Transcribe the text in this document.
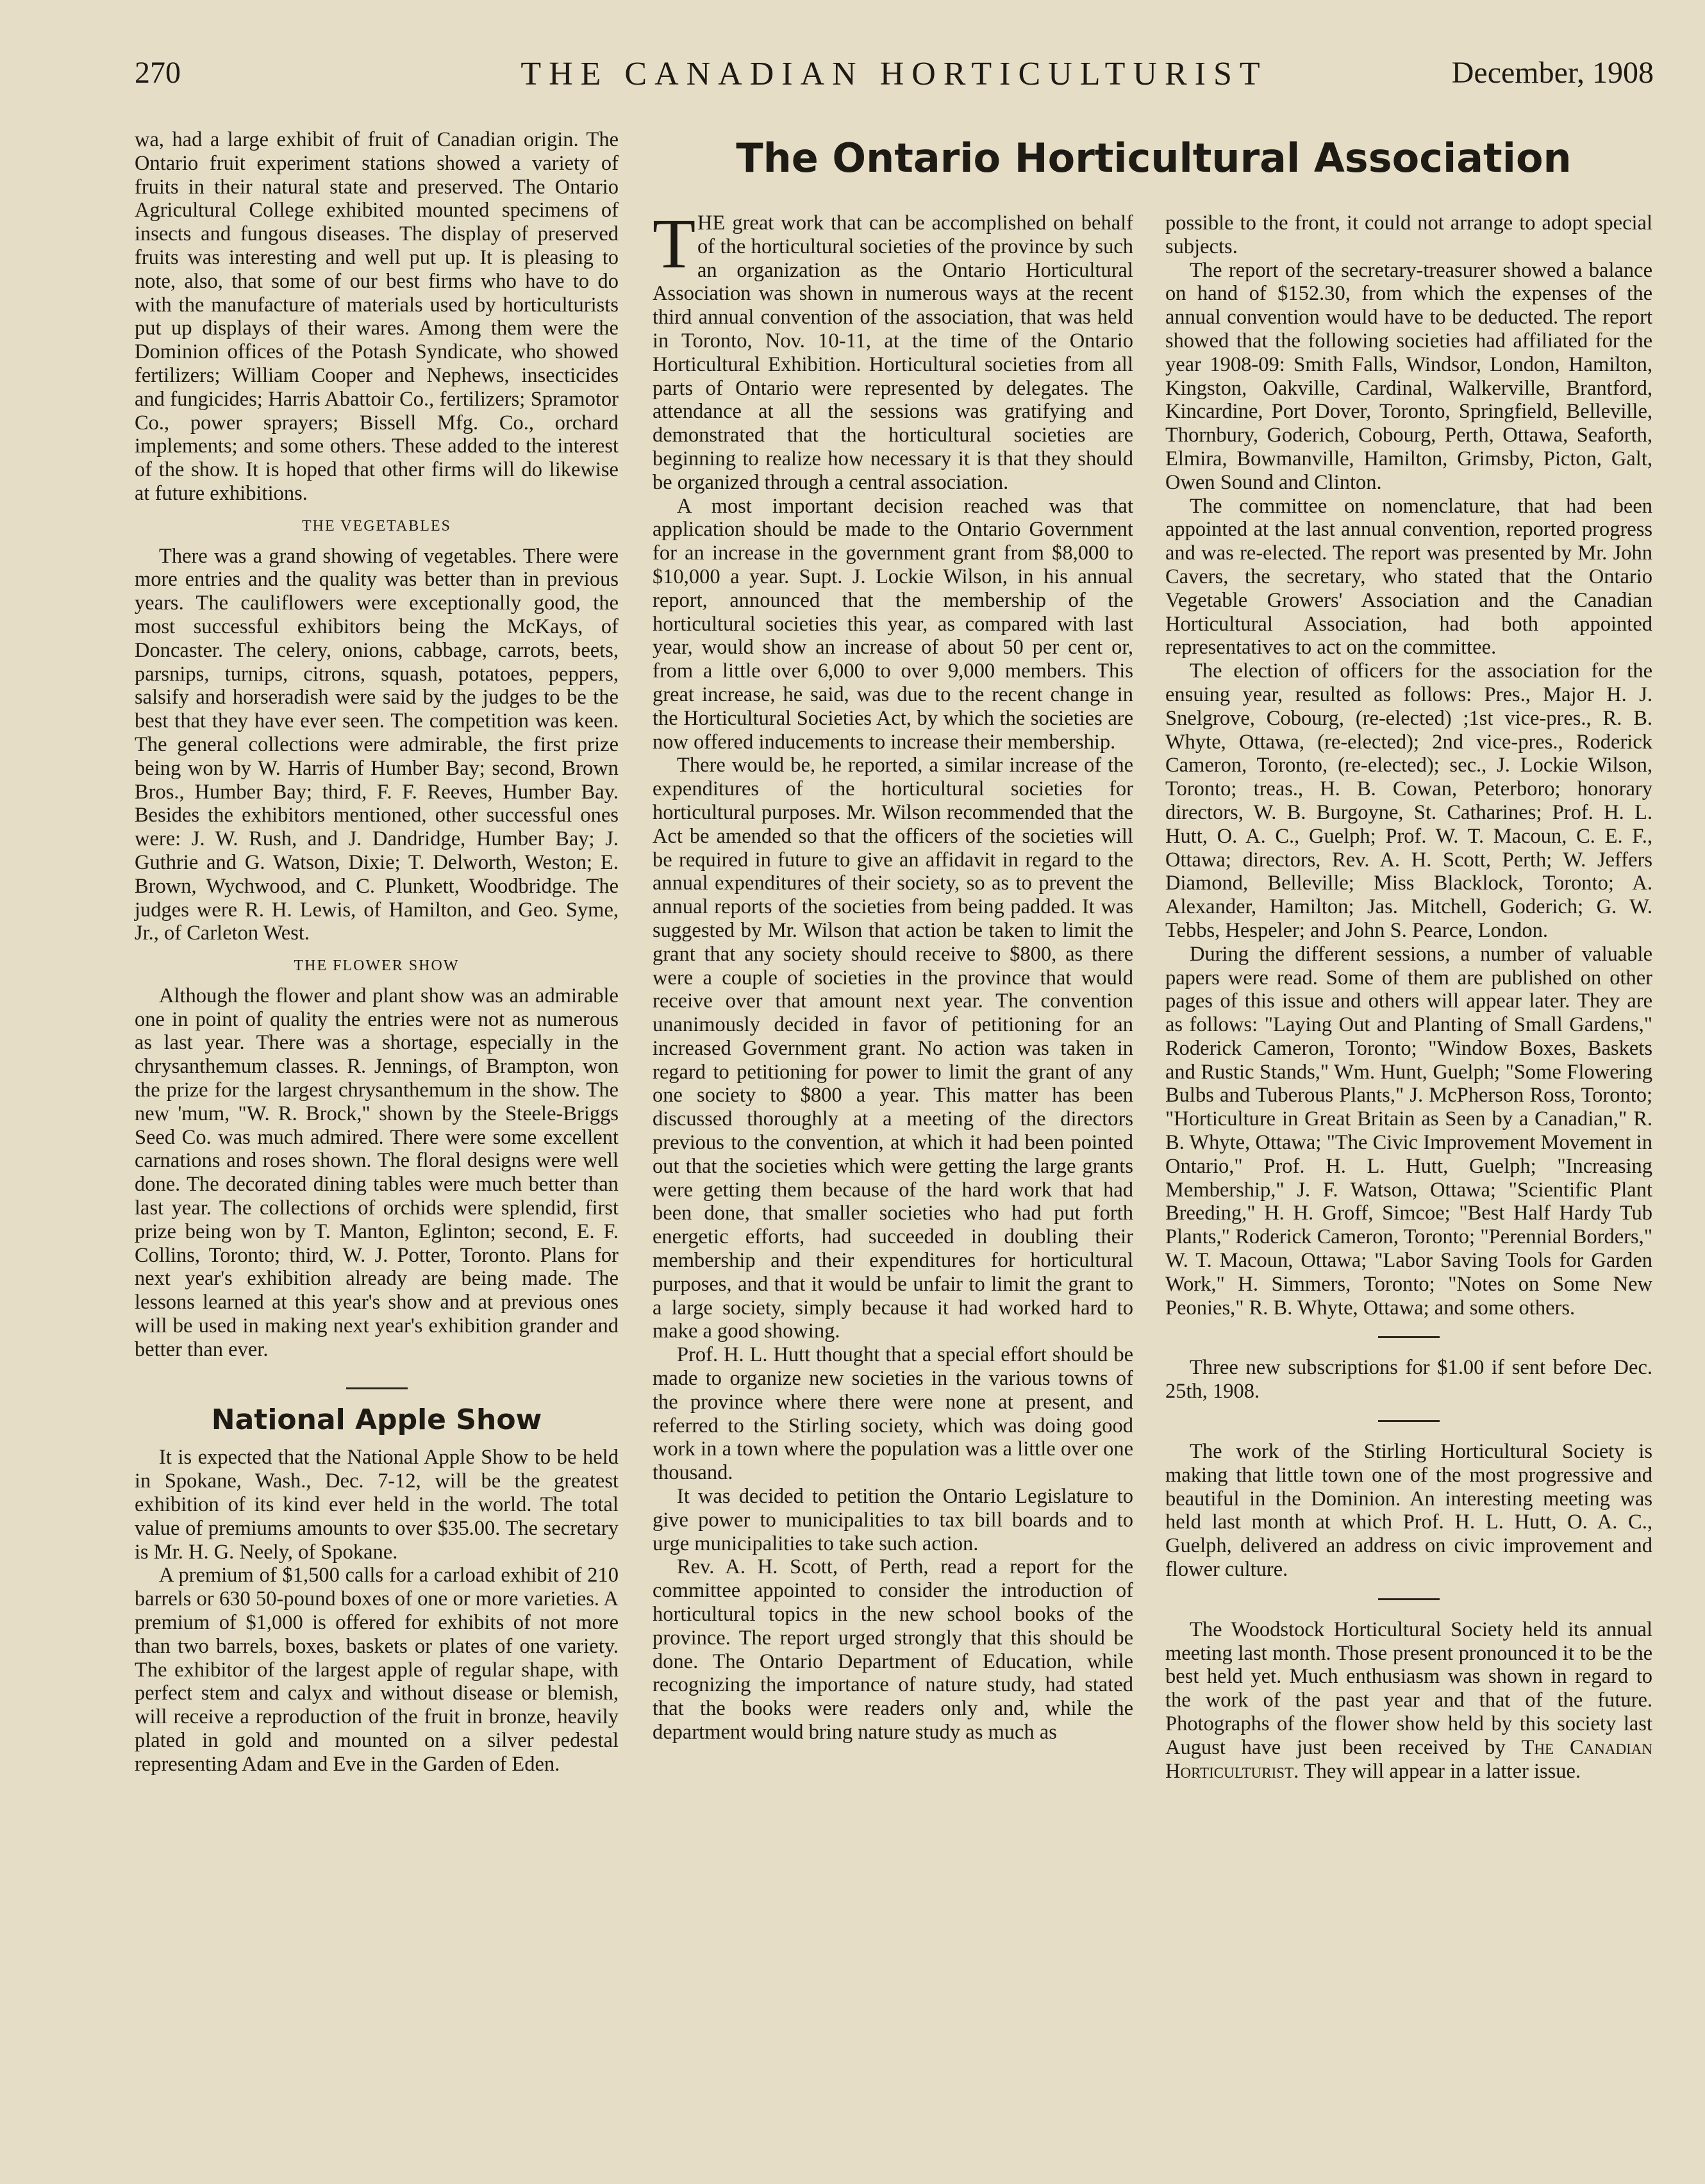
270	THE CANADIAN HORTICULTURIST	December, 1908
The Ontario Horticultural Association

wa, had a large exhibit of fruit of Canadian origin. The Ontario fruit experiment stations showed a variety of fruits in their natural state and preserved. The Ontario Agricultural College exhibited mounted specimens of insects and fungous diseases. The display of preserved fruits was interesting and well put up. It is pleasing to note, also, that some of our best firms who have to do with the manufacture of materials used by horticulturists put up displays of their wares. Among them were the Dominion offices of the Potash Syndicate, who showed fertilizers; William Cooper and Nephews, insecticides and fungicides; Harris Abattoir Co., fertilizers; Spramotor Co., power sprayers; Bissell Mfg. Co., orchard implements; and some others. These added to the interest of the show. It is hoped that other firms will do likewise at future exhibitions.

THE VEGETABLES

There was a grand showing of vegetables. There were more entries and the quality was better than in previous years. The cauliflowers were exceptionally good, the most successful exhibitors being the McKays, of Doncaster. The celery, onions, cabbage, carrots, beets, parsnips, turnips, citrons, squash, potatoes, peppers, salsify and horseradish were said by the judges to be the best that they have ever seen. The competition was keen. The general collections were admirable, the first prize being won by W. Harris of Humber Bay; second, Brown Bros., Humber Bay; third, F. F. Reeves, Humber Bay. Besides the exhibitors mentioned, other successful ones were: J. W. Rush, and J. Dandridge, Humber Bay; J. Guthrie and G. Watson, Dixie; T. Delworth, Weston; E. Brown, Wychwood, and C. Plunkett, Woodbridge. The judges were R. H. Lewis, of Hamilton, and Geo. Syme, Jr., of Carleton West.

THE FLOWER SHOW

Although the flower and plant show was an admirable one in point of quality the entries were not as numerous as last year. There was a shortage, especially in the chrysanthemum classes. R. Jennings, of Brampton, won the prize for the largest chrysanthemum in the show. The new 'mum, "W. R. Brock," shown by the Steele-Briggs Seed Co. was much admired. There were some excellent carnations and roses shown. The floral designs were well done. The decorated dining tables were much better than last year. The collections of orchids were splendid, first prize being won by T. Manton, Eglinton; second, E. F. Collins, Toronto; third, W. J. Potter, Toronto. Plans for next year's exhibition already are being made. The lessons learned at this year's show and at previous ones will be used in making next year's exhibition grander and better than ever.

National Apple Show

It is expected that the National Apple Show to be held in Spokane, Wash., Dec. 7-12, will be the greatest exhibition of its kind ever held in the world. The total value of premiums amounts to over $35.00. The secretary is Mr. H. G. Neely, of Spokane.

A premium of $1,500 calls for a carload exhibit of 210 barrels or 630 50-pound boxes of one or more varieties. A premium of $1,000 is offered for exhibits of not more than two barrels, boxes, baskets or plates of one variety. The exhibitor of the largest apple of regular shape, with perfect stem and calyx and without disease or blemish, will receive a reproduction of the fruit in bronze, heavily plated in gold and mounted on a silver pedestal representing Adam and Eve in the Garden of Eden.

THE great work that can be accomplished on behalf of the horticultural societies of the province by such an organization as the Ontario Horticultural Association was shown in numerous ways at the recent third annual convention of the association, that was held in Toronto, Nov. 10-11, at the time of the Ontario Horticultural Exhibition. Horticultural societies from all parts of Ontario were represented by delegates. The attendance at all the sessions was gratifying and demonstrated that the horticultural societies are beginning to realize how necessary it is that they should be organized through a central association.

A most important decision reached was that application should be made to the Ontario Government for an increase in the government grant from $8,000 to $10,000 a year. Supt. J. Lockie Wilson, in his annual report, announced that the membership of the horticultural societies this year, as compared with last year, would show an increase of about 50 per cent or, from a little over 6,000 to over 9,000 members. This great increase, he said, was due to the recent change in the Horticultural Societies Act, by which the societies are now offered inducements to increase their membership.

There would be, he reported, a similar increase of the expenditures of the horticultural societies for horticultural purposes. Mr. Wilson recommended that the Act be amended so that the officers of the societies will be required in future to give an affidavit in regard to the annual expenditures of their society, so as to prevent the annual reports of the societies from being padded. It was suggested by Mr. Wilson that action be taken to limit the grant that any society should receive to $800, as there were a couple of societies in the province that would receive over that amount next year. The convention unanimously decided in favor of petitioning for an increased Government grant. No action was taken in regard to petitioning for power to limit the grant of any one society to $800 a year. This matter has been discussed thoroughly at a meeting of the directors previous to the convention, at which it had been pointed out that the societies which were getting the large grants were getting them because of the hard work that had been done, that smaller societies who had put forth energetic efforts, had succeeded in doubling their membership and their expenditures for horticultural purposes, and that it would be unfair to limit the grant to a large society, simply because it had worked hard to make a good showing.

Prof. H. L. Hutt thought that a special effort should be made to organize new societies in the various towns of the province where there were none at present, and referred to the Stirling society, which was doing good work in a town where the population was a little over one thousand.

It was decided to petition the Ontario Legislature to give power to municipalities to tax bill boards and to urge municipalities to take such action.

Rev. A. H. Scott, of Perth, read a report for the committee appointed to consider the introduction of horticultural topics in the new school books of the province. The report urged strongly that this should be done. The Ontario Department of Education, while recognizing the importance of nature study, had stated that the books were readers only and, while the department would bring nature study as much as

possible to the front, it could not arrange to adopt special subjects.

The report of the secretary-treasurer showed a balance on hand of $152.30, from which the expenses of the annual convention would have to be deducted. The report showed that the following societies had affiliated for the year 1908-09: Smith Falls, Windsor, London, Hamilton, Kingston, Oakville, Cardinal, Walkerville, Brantford, Kincardine, Port Dover, Toronto, Springfield, Belleville, Thornbury, Goderich, Cobourg, Perth, Ottawa, Seaforth, Elmira, Bowmanville, Hamilton, Grimsby, Picton, Galt, Owen Sound and Clinton.

The committee on nomenclature, that had been appointed at the last annual convention, reported progress and was re-elected. The report was presented by Mr. John Cavers, the secretary, who stated that the Ontario Vegetable Growers' Association and the Canadian Horticultural Association, had both appointed representatives to act on the committee.

The election of officers for the association for the ensuing year, resulted as follows: Pres., Major H. J. Snelgrove, Cobourg, (re-elected) ;1st vice-pres., R. B. Whyte, Ottawa, (re-elected); 2nd vice-pres., Roderick Cameron, Toronto, (re-elected); sec., J. Lockie Wilson, Toronto; treas., H. B. Cowan, Peterboro; honorary directors, W. B. Burgoyne, St. Catharines; Prof. H. L. Hutt, O. A. C., Guelph; Prof. W. T. Macoun, C. E. F., Ottawa; directors, Rev. A. H. Scott, Perth; W. Jeffers Diamond, Belleville; Miss Blacklock, Toronto; A. Alexander, Hamilton; Jas. Mitchell, Goderich; G. W. Tebbs, Hespeler; and John S. Pearce, London.

During the different sessions, a number of valuable papers were read. Some of them are published on other pages of this issue and others will appear later. They are as follows: "Laying Out and Planting of Small Gardens," Roderick Cameron, Toronto; "Window Boxes, Baskets and Rustic Stands," Wm. Hunt, Guelph; "Some Flowering Bulbs and Tuberous Plants," J. McPherson Ross, Toronto; "Horticulture in Great Britain as Seen by a Canadian," R. B. Whyte, Ottawa; "The Civic Improvement Movement in Ontario," Prof. H. L. Hutt, Guelph; "Increasing Membership," J. F. Watson, Ottawa; "Scientific Plant Breeding," H. H. Groff, Simcoe; "Best Half Hardy Tub Plants," Roderick Cameron, Toronto; "Perennial Borders," W. T. Macoun, Ottawa; "Labor Saving Tools for Garden Work," H. Simmers, Toronto; "Notes on Some New Peonies," R. B. Whyte, Ottawa; and some others.

Three new subscriptions for $1.00 if sent before Dec. 25th, 1908.

The work of the Stirling Horticultural Society is making that little town one of the most progressive and beautiful in the Dominion. An interesting meeting was held last month at which Prof. H. L. Hutt, O. A. C., Guelph, delivered an address on civic improvement and flower culture.

The Woodstock Horticultural Society held its annual meeting last month. Those present pronounced it to be the best held yet. Much enthusiasm was shown in regard to the work of the past year and that of the future. Photographs of the flower show held by this society last August have just been received by The Canadian Horticulturist. They will appear in a latter issue.
